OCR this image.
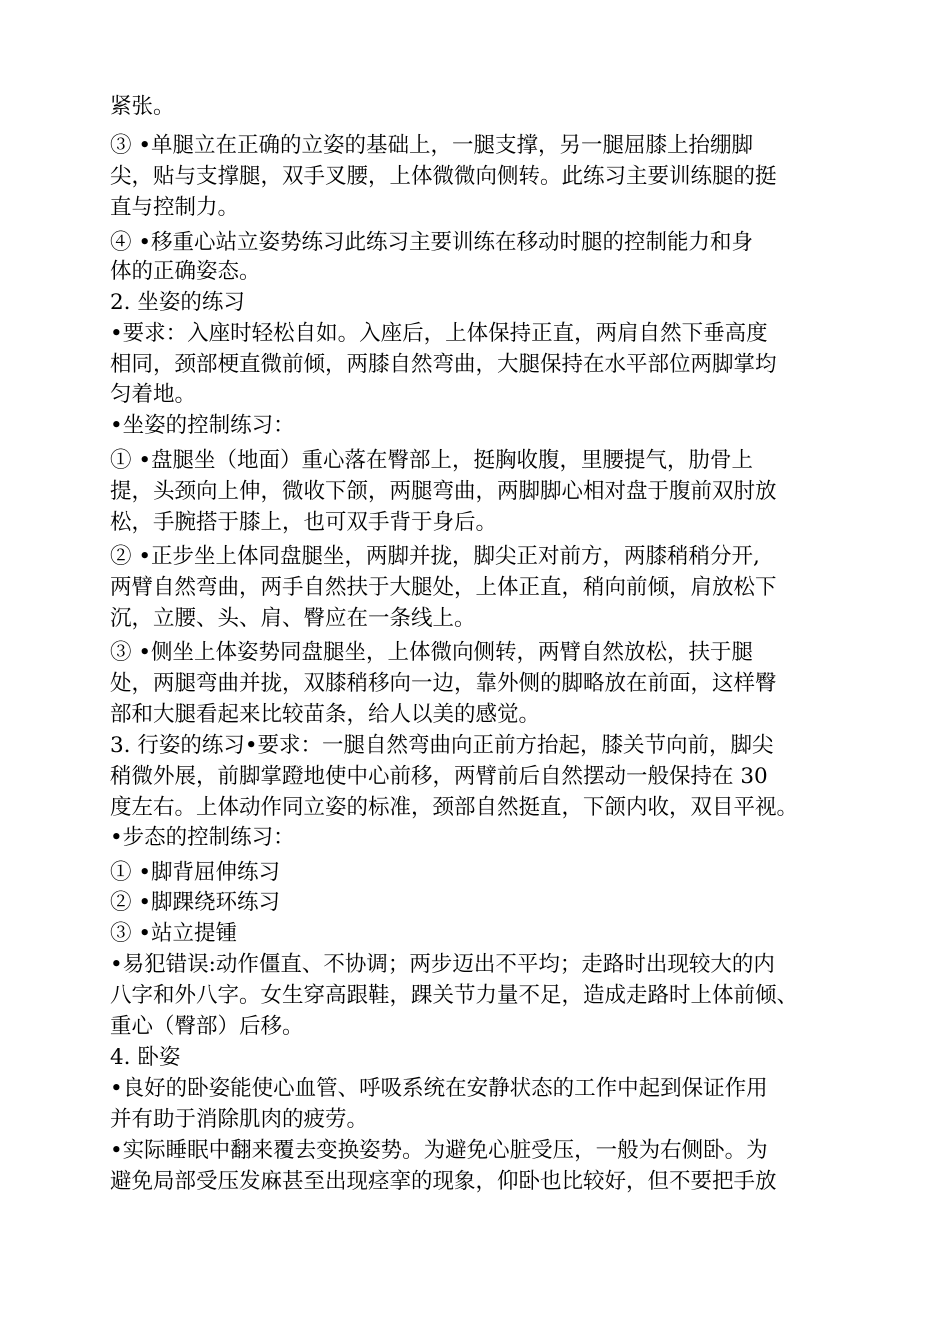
紧张。
③ •单腿立在正确的立姿的基础上，一腿支撑，另一腿屈膝上抬绷脚
尖，贴与支撑腿，双手叉腰，上体微微向侧转。此练习主要训练腿的挺
直与控制力。
④ •移重心站立姿势练习此练习主要训练在移动时腿的控制能力和身
体的正确姿态。
2. 坐姿的练习
•要求：入座时轻松自如。入座后，上体保持正直，两肩自然下垂高度
相同，颈部梗直微前倾，两膝自然弯曲，大腿保持在水平部位两脚掌均
匀着地。
•坐姿的控制练习：
① •盘腿坐（地面）重心落在臀部上，挺胸收腹，里腰提气，肋骨上
提，头颈向上伸，微收下颌，两腿弯曲，两脚脚心相对盘于腹前双肘放
松，手腕搭于膝上，也可双手背于身后。
② •正步坐上体同盘腿坐，两脚并拢，脚尖正对前方，两膝稍稍分开,
两臂自然弯曲，两手自然扶于大腿处，上体正直，稍向前倾，肩放松下
沉，立腰、头、肩、臀应在一条线上。
③ •侧坐上体姿势同盘腿坐，上体微向侧转，两臂自然放松，扶于腿
处，两腿弯曲并拢，双膝稍移向一边，靠外侧的脚略放在前面，这样臀
部和大腿看起来比较苗条，给人以美的感觉。
3. 行姿的练习•要求：一腿自然弯曲向正前方抬起，膝关节向前，脚尖
稍微外展，前脚掌蹬地使中心前移，两臂前后自然摆动一般保持在 30
度左右。上体动作同立姿的标准，颈部自然挺直，下颌内收，双目平视。
•步态的控制练习：
① •脚背屈伸练习
② •脚踝绕环练习
③ •站立提锺
•易犯错误:动作僵直、不协调；两步迈出不平均；走路时出现较大的内
八字和外八字。女生穿高跟鞋，踝关节力量不足，造成走路时上体前倾、
重心（臀部）后移。
4. 卧姿
•良好的卧姿能使心血管、呼吸系统在安静状态的工作中起到保证作用
并有助于消除肌肉的疲劳。
•实际睡眠中翻来覆去变换姿势。为避免心脏受压，一般为右侧卧。为
避免局部受压发麻甚至出现痉挛的现象，仰卧也比较好，但不要把手放
